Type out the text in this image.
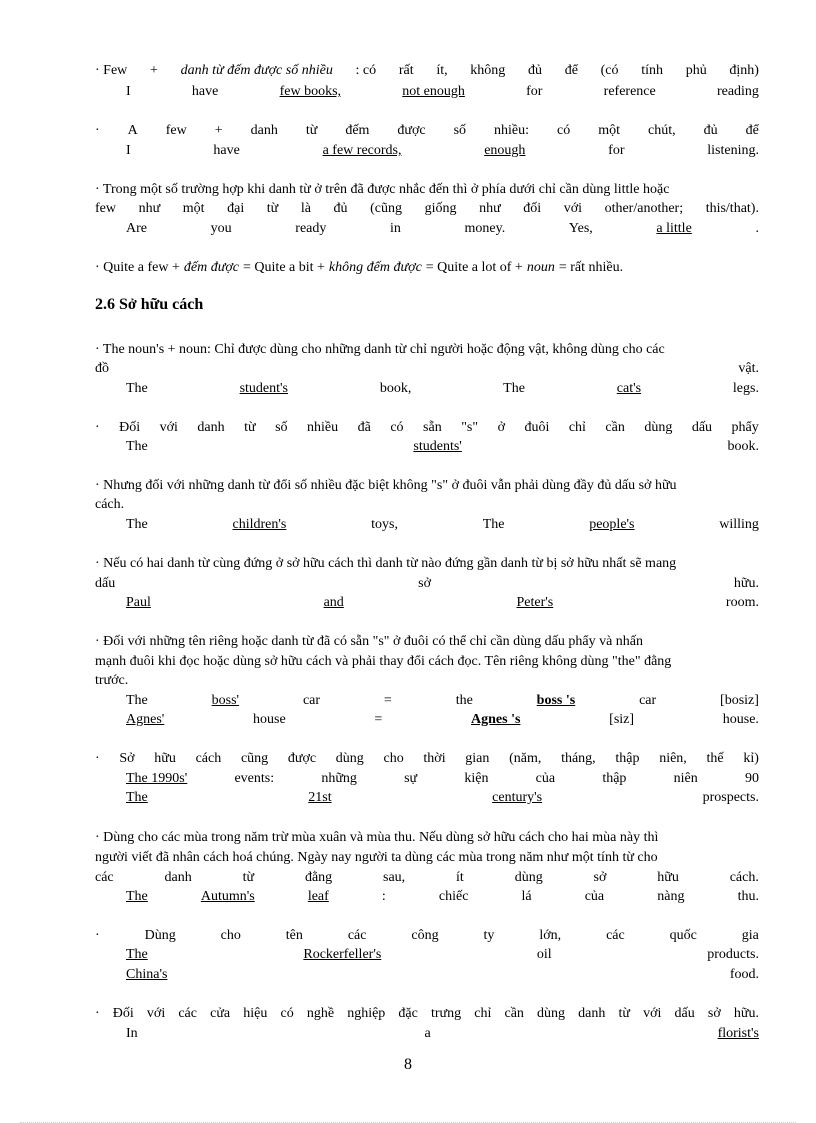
· Few + danh từ đếm được số nhiều : có rất ít, không đủ để (có tính phủ định)
I	have	few books,	not enough	for	reference	reading
· A few + danh từ đếm được số nhiều: có một chút, đủ để
I	have	a few records,	enough	for	listening.
· Trong một số trường hợp khi danh từ ở trên đã được nhắc đến thì ở phía dưới chỉ cần dùng little hoặc
few như một đại từ là đủ (cũng giống như đối với other/another; this/that).
Are	you	ready	in	money.	Yes,	a little	.
· Quite a few + đếm được = Quite a bit + không đếm được = Quite a lot of + noun = rất nhiều.
· The noun's + noun: Chỉ được dùng cho những danh từ chỉ người hoặc động vật, không dùng cho các
đồ	vật.
The	student's	book,	The	cat's	legs.
· Đối với danh từ số nhiều đã có sẵn "s" ở đuôi chỉ cần dùng dấu phẩy
The	students'	book.
· Nhưng đối với những danh từ đổi số nhiều đặc biệt không "s" ở đuôi vẫn phải dùng đầy đủ dấu sở hữu
cách.
The	children's	toys,	The	people's	willing
· Nếu có hai danh từ cùng đứng ở sở hữu cách thì danh từ nào đứng gần danh từ bị sở hữu nhất sẽ mang
dấu	sở	hữu.
Paul	and	Peter's	room.
· Đối với những tên riêng hoặc danh từ đã có sẵn "s" ở đuôi có thể chỉ cần dùng dấu phẩy và nhấn
mạnh đuôi khi đọc hoặc dùng sở hữu cách và phải thay đổi cách đọc. Tên riêng không dùng "the" đằng
trước.
The	boss'	car	=	the	boss 's	car	[bosiz]
Agnes'	house	=	Agnes 's	[siz]	house.
· Sở hữu cách cũng được dùng cho thời gian (năm, tháng, thập niên, thế kỉ)
The 1990s'	events:	những	sự	kiện	của	thập	niên	90
The	21st	century's	prospects.
· Dùng cho các mùa trong năm trừ mùa xuân và mùa thu. Nếu dùng sở hữu cách cho hai mùa này thì
người viết đã nhân cách hoá chúng. Ngày nay người ta dùng các mùa trong năm như một tính từ cho
các	danh	từ	đằng	sau,	ít	dùng	sở	hữu	cách.
The	Autumn's	leaf	:	chiếc	lá	của	nàng	thu.
·	Dùng	cho	tên	các	công	ty	lớn,	các	quốc	gia
The	Rockerfeller's	oil	products.
China's	food.
· Đối với các cửa hiệu có nghề nghiệp đặc trưng chỉ cần dùng danh từ với dấu sở hữu.
In	a	florist's
2.6 Sở hữu cách
8
